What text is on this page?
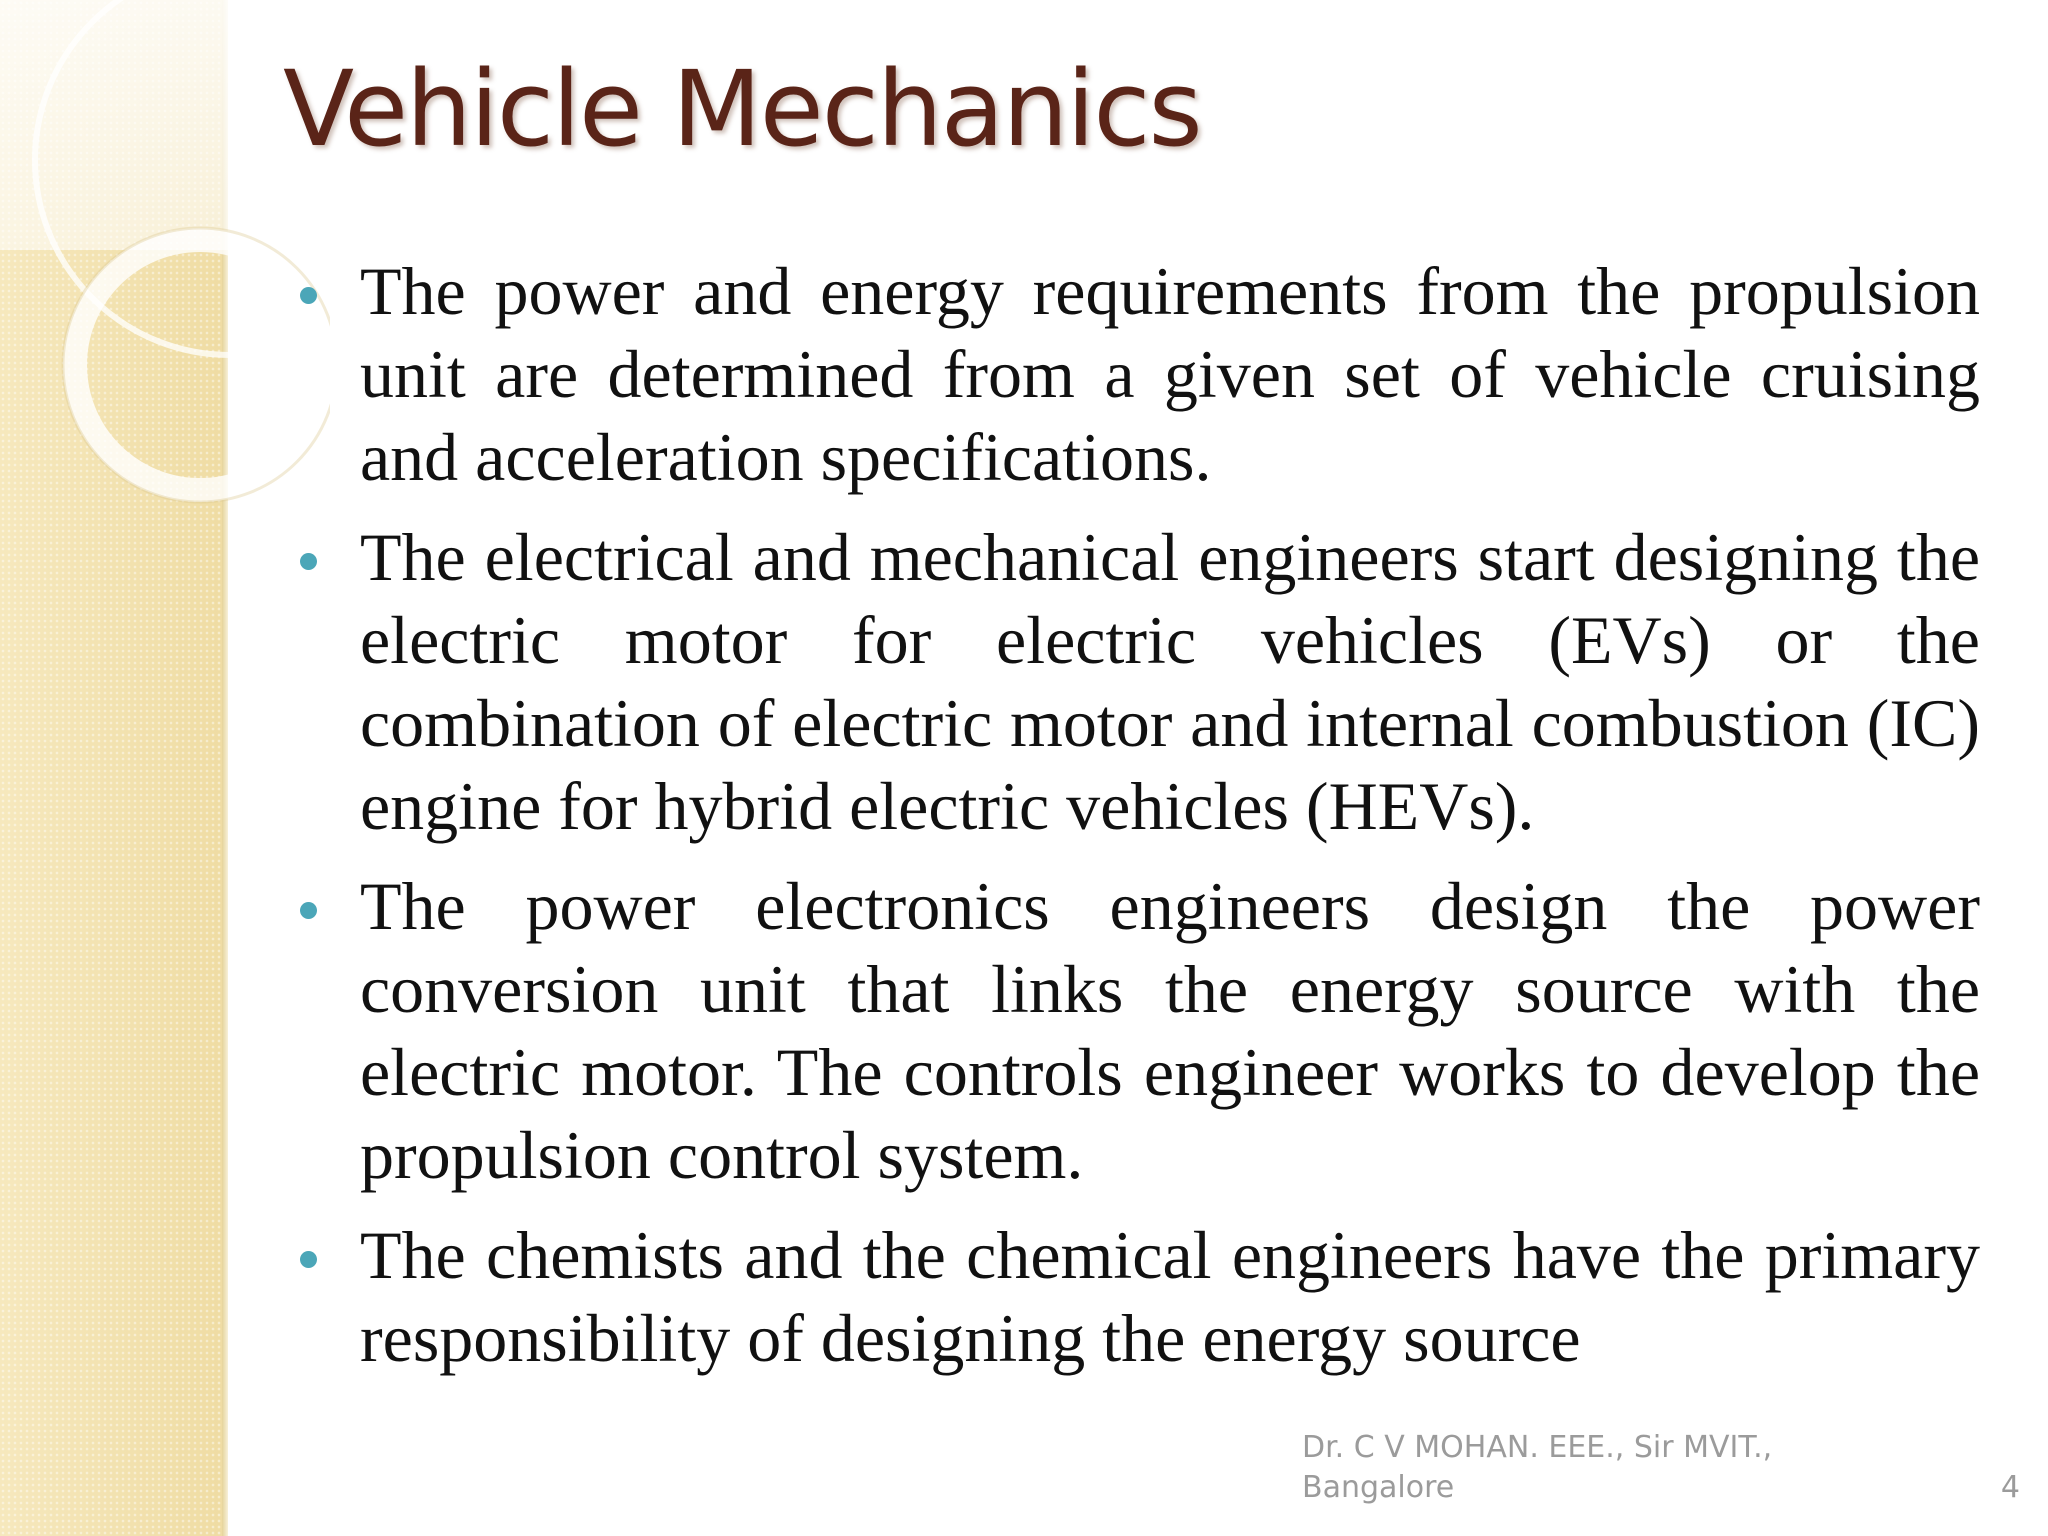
Vehicle Mechanics
The power and energy requirements from the propulsion unit are determined from a given set of vehicle cruising and acceleration specifications.
The electrical and mechanical engineers start designing the electric motor for electric vehicles (EVs) or the combination of electric motor and internal combustion (IC) engine for hybrid electric vehicles (HEVs).
The power electronics engineers design the power conversion unit that links the energy source with the electric motor. The controls engineer works to develop the propulsion control system.
The chemists and the chemical engineers have the primary responsibility of designing the energy source
Dr. C V MOHAN. EEE., Sir MVIT.,
Bangalore	4
